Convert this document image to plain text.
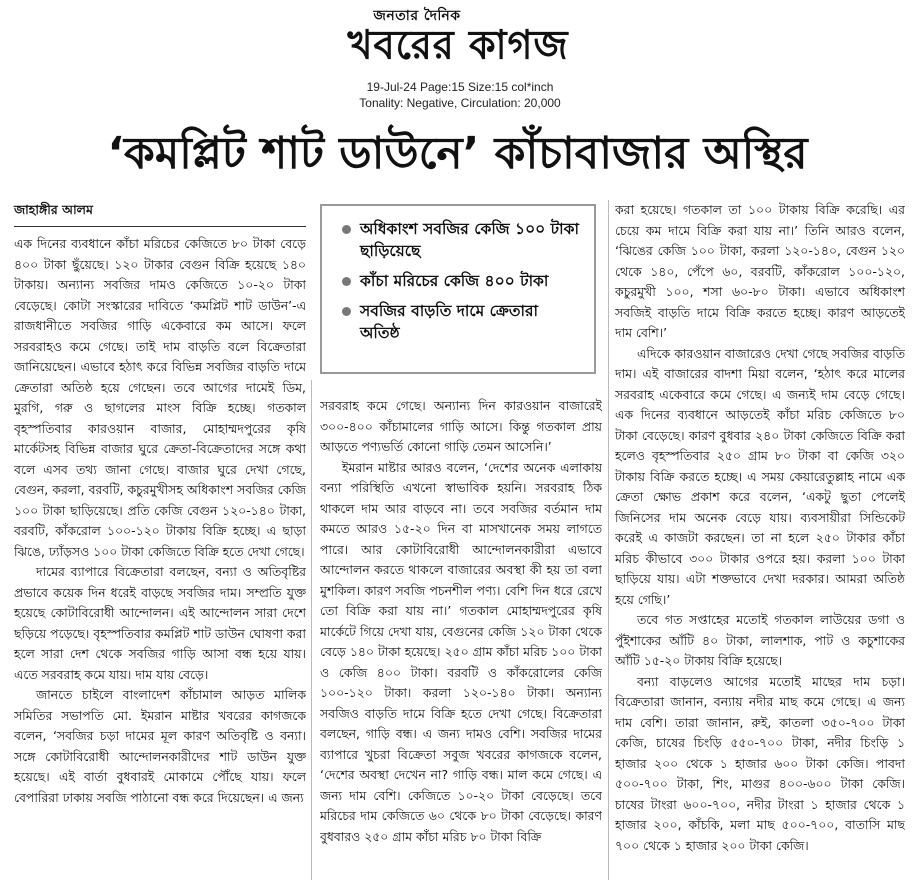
জনতার দৈনিক
খবরের কাগজ
19-Jul-24 Page:15 Size:15 col*inch
Tonality: Negative, Circulation: 20,000
‘কমপ্লিট শাট ডাউনে’ কাঁচাবাজার অস্থির
জাহাঙ্গীর আলম
অধিকাংশ সবজির কেজি ১০০ টাকা ছাড়িয়েছে
কাঁচা মরিচের কেজি ৪০০ টাকা
সবজির বাড়তি দামে ক্রেতারা অতিষ্ঠ

এক দিনের ব্যবধানে কাঁচা মরিচের কেজিতে ৮০ টাকা বেড়ে ৪০০ টাকা ছুঁয়েছে। ১২০ টাকার বেগুন বিক্রি হয়েছে ১৪০ টাকায়। অন্যান্য সবজির দামও কেজিতে ১০-২০ টাকা বেড়েছে। কোটা সংস্কারের দাবিতে ‘কমপ্লিট শাট ডাউন’-এ রাজধানীতে সবজির গাড়ি একেবারে কম আসে। ফলে সরবরাহও কমে গেছে। তাই দাম বাড়তি বলে বিক্রেতারা জানিয়েছেন। এভাবে হঠাৎ করে বিভিন্ন সবজির বাড়তি দামে ক্রেতারা অতিষ্ঠ হয়ে গেছেন। তবে আগের দামেই ডিম, মুরগি, গরু ও ছাগলের মাংস বিক্রি হচ্ছে। গতকাল বৃহস্পতিবার কারওয়ান বাজার, মোহাম্মদপুরের কৃষি মার্কেটসহ বিভিন্ন বাজার ঘুরে ক্রেতা-বিক্রেতাদের সঙ্গে কথা বলে এসব তথ্য জানা গেছে। বাজার ঘুরে দেখা গেছে, বেগুন, করলা, বরবটি, কচুরমুখীসহ অধিকাংশ সবজির কেজি ১০০ টাকা ছাড়িয়েছে। প্রতি কেজি বেগুন ১২০-১৪০ টাকা, বরবটি, কাঁকরোল ১০০-১২০ টাকায় বিক্রি হচ্ছে। এ ছাড়া ঝিঙে, ঢ্যাঁড়সও ১০০ টাকা কেজিতে বিক্রি হতে দেখা গেছে।

দামের ব্যাপারে বিক্রেতারা বলছেন, বন্যা ও অতিবৃষ্টির প্রভাবে কয়েক দিন ধরেই বাড়ছে সবজির দাম। সম্প্রতি যুক্ত হয়েছে কোটাবিরোধী আন্দোলন। এই আন্দোলন সারা দেশে ছড়িয়ে পড়েছে। বৃহস্পতিবার কমপ্লিট শাট ডাউন ঘোষণা করা হলে সারা দেশ থেকে সবজির গাড়ি আসা বন্ধ হয়ে যায়। এতে সরবরাহ কমে যায়। দাম যায় বেড়ে।

জানতে চাইলে বাংলাদেশ কাঁচামাল আড়ত মালিক সমিতির সভাপতি মো. ইমরান মাষ্টার খবরের কাগজকে বলেন, ‘সবজির চড়া দামের মূল কারণ অতিবৃষ্টি ও বন্যা। সঙ্গে কোটাবিরোধী আন্দোলনকারীদের শাট ডাউন যুক্ত হয়েছে। এই বার্তা বুধবারই মোকামে পৌঁছে যায়। ফলে বেপারিরা ঢাকায় সবজি পাঠানো বন্ধ করে দিয়েছেন। এ জন্য

সরবরাহ কমে গেছে। অন্যান্য দিন কারওয়ান বাজারেই ৩০০-৪০০ কাঁচামালের গাড়ি আসে। কিন্তু গতকাল প্রায় আড়তে পণ্যভর্তি কোনো গাড়ি তেমন আসেনি।’

ইমরান মাষ্টার আরও বলেন, ‘দেশের অনেক এলাকায় বন্যা পরিস্থিতি এখনো স্বাভাবিক হয়নি। সরবরাহ ঠিক থাকলে দাম আর বাড়বে না। তবে সবজির বর্তমান দাম কমতে আরও ১৫-২০ দিন বা মাসখানেক সময় লাগতে পারে। আর কোটাবিরোধী আন্দোলনকারীরা এভাবে আন্দোলন করতে থাকলে বাজারের অবস্থা কী হয় তা বলা মুশকিল। কারণ সবজি পচনশীল পণ্য। বেশি দিন ধরে রেখে তো বিক্রি করা যায় না।’ গতকাল মোহাম্মদপুরের কৃষি মার্কেটে গিয়ে দেখা যায়, বেগুনের কেজি ১২০ টাকা থেকে বেড়ে ১৪০ টাকা হয়েছে। ২৫০ গ্রাম কাঁচা মরিচ ১০০ টাকা ও কেজি ৪০০ টাকা। বরবটি ও কাঁকরোলের কেজি ১০০-১২০ টাকা। করলা ১২০-১৪০ টাকা। অন্যান্য সবজিও বাড়তি দামে বিক্রি হতে দেখা গেছে। বিক্রেতারা বলছেন, গাড়ি বন্ধ। এ জন্য দামও বেশি। সবজির দামের ব্যাপারে খুচরা বিক্রেতা সবুজ খবরের কাগজকে বলেন, ‘দেশের অবস্থা দেখেন না? গাড়ি বন্ধ। মাল কমে গেছে। এ জন্য দাম বেশি। কেজিতে ১০-২০ টাকা বেড়েছে। তবে মরিচের দাম কেজিতে ৬০ থেকে ৮০ টাকা বেড়েছে। কারণ বুধবারও ২৫০ গ্রাম কাঁচা মরিচ ৮০ টাকা বিক্রি

করা হয়েছে। গতকাল তা ১০০ টাকায় বিক্রি করেছি। এর চেয়ে কম দামে বিক্রি করা যায় না।’ তিনি আরও বলেন, ‘ঝিঙের কেজি ১০০ টাকা, করলা ১২০-১৪০, বেগুন ১২০ থেকে ১৪০, পেঁপে ৬০, বরবটি, কাঁকরোল ১০০-১২০, কচুরমুখী ১০০, শসা ৬০-৮০ টাকা। এভাবে অধিকাংশ সবজিই বাড়তি দামে বিক্রি করতে হচ্ছে। কারণ আড়তেই দাম বেশি।’

এদিকে কারওয়ান বাজারেও দেখা গেছে সবজির বাড়তি দাম। এই বাজারের বাদশা মিয়া বলেন, ‘হঠাৎ করে মালের সরবরাহ একেবারে কমে গেছে। এ জন্যই দাম বেড়ে গেছে। এক দিনের ব্যবধানে আড়তেই কাঁচা মরিচ কেজিতে ৮০ টাকা বেড়েছে। কারণ বুধবার ২৪০ টাকা কেজিতে বিক্রি করা হলেও বৃহস্পতিবার ২৫০ গ্রাম ৮০ টাকা বা কেজি ৩২০ টাকায় বিক্রি করতে হচ্ছে। এ সময় কেয়ারেতুল্লাহ নামে এক ক্রেতা ক্ষোভ প্রকাশ করে বলেন, ‘একটু ছুতা পেলেই জিনিসের দাম অনেক বেড়ে যায়। ব্যবসায়ীরা সিন্ডিকেট করেই এ কাজটা করছেন। তা না হলে ২৫০ টাকার কাঁচা মরিচ কীভাবে ৩০০ টাকার ওপরে হয়। করলা ১০০ টাকা ছাড়িয়ে যায়। এটা শক্তভাবে দেখা দরকার। আমরা অতিষ্ঠ হয়ে গেছি।’

তবে গত সপ্তাহের মতোই গতকাল লাউয়ের ডগা ও পুঁইশাকের আঁটি ৪০ টাকা, লালশাক, পাট ও কচুশাকের আঁটি ১৫-২০ টাকায় বিক্রি হয়েছে।

বন্যা বাড়লেও আগের মতোই মাছের দাম চড়া। বিক্রেতারা জানান, বন্যায় নদীর মাছ কমে গেছে। এ জন্য দাম বেশি। তারা জানান, রুই, কাতলা ৩৫০-৭০০ টাকা কেজি, চাষের চিংড়ি ৫৫০-৭০০ টাকা, নদীর চিংড়ি ১ হাজার ২০০ থেকে ১ হাজার ৬০০ টাকা কেজি। পাবদা ৫০০-৭০০ টাকা, শিং, মাগুর ৪০০-৬০০ টাকা কেজি। চাষের টাংরা ৬০০-৭০০, নদীর টাংরা ১ হাজার থেকে ১ হাজার ২০০, কাঁচকি, মলা মাছ ৫০০-৭০০, বাতাসি মাছ ৭০০ থেকে ১ হাজার ২০০ টাকা কেজি।
